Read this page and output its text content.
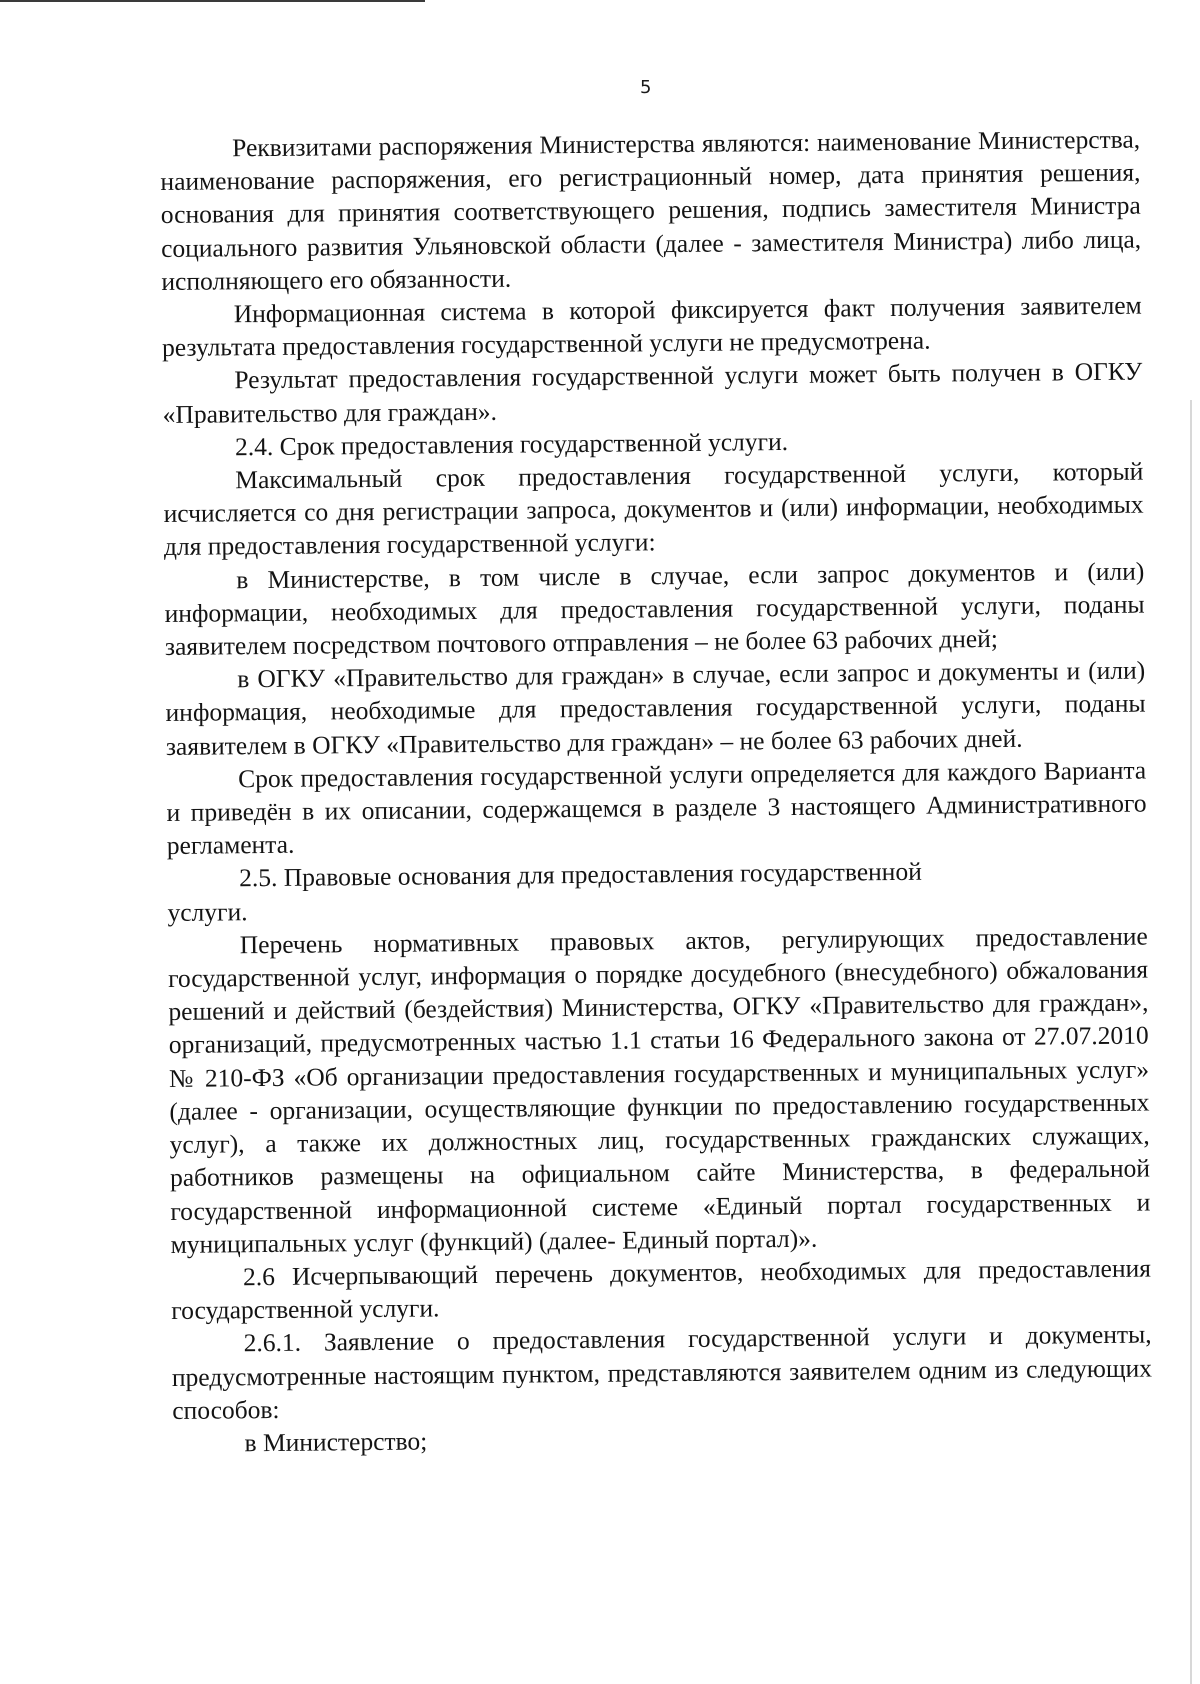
5

Реквизитами распоряжения Министерства являются: наименование Министерства, наименование распоряжения, его регистрационный номер, дата принятия решения, основания для принятия соответствующего решения, подпись заместителя Министра социального развития Ульяновской области (далее - заместителя Министра) либо лица, исполняющего его обязанности.

Информационная система в которой фиксируется факт получения заявителем результата предоставления государственной услуги не предусмотрена.

Результат предоставления государственной услуги может быть получен в ОГКУ «Правительство для граждан».

2.4. Срок предоставления государственной услуги.

Максимальный срок предоставления государственной услуги, который исчисляется со дня регистрации запроса, документов и (или) информации, необходимых для предоставления государственной услуги:

в Министерстве, в том числе в случае, если запрос документов и (или) информации, необходимых для предоставления государственной услуги, поданы заявителем посредством почтового отправления – не более 63 рабочих дней;

в ОГКУ «Правительство для граждан» в случае, если запрос и документы и (или) информация, необходимые для предоставления государственной услуги, поданы заявителем в ОГКУ «Правительство для граждан» – не более 63 рабочих дней.

Срок предоставления государственной услуги определяется для каждого Варианта и приведён в их описании, содержащемся в разделе 3 настоящего Административного регламента.

2.5. Правовые основания для предоставления государственной

услуги.

Перечень нормативных правовых актов, регулирующих предоставление государственной услуг, информация о порядке досудебного (внесудебного) обжалования решений и действий (бездействия) Министерства, ОГКУ «Правительство для граждан», организаций, предусмотренных частью 1.1 статьи 16 Федерального закона от 27.07.2010 № 210-ФЗ «Об организации предоставления государственных и муниципальных услуг» (далее - организации, осуществляющие функции по предоставлению государственных услуг), а также их должностных лиц, государственных гражданских служащих, работников размещены на официальном сайте Министерства, в федеральной государственной информационной системе «Единый портал государственных и муниципальных услуг (функций) (далее- Единый портал)».

2.6 Исчерпывающий перечень документов, необходимых для предоставления государственной услуги.

2.6.1. Заявление о предоставления государственной услуги и документы, предусмотренные настоящим пунктом, представляются заявителем одним из следующих способов:

в Министерство;
